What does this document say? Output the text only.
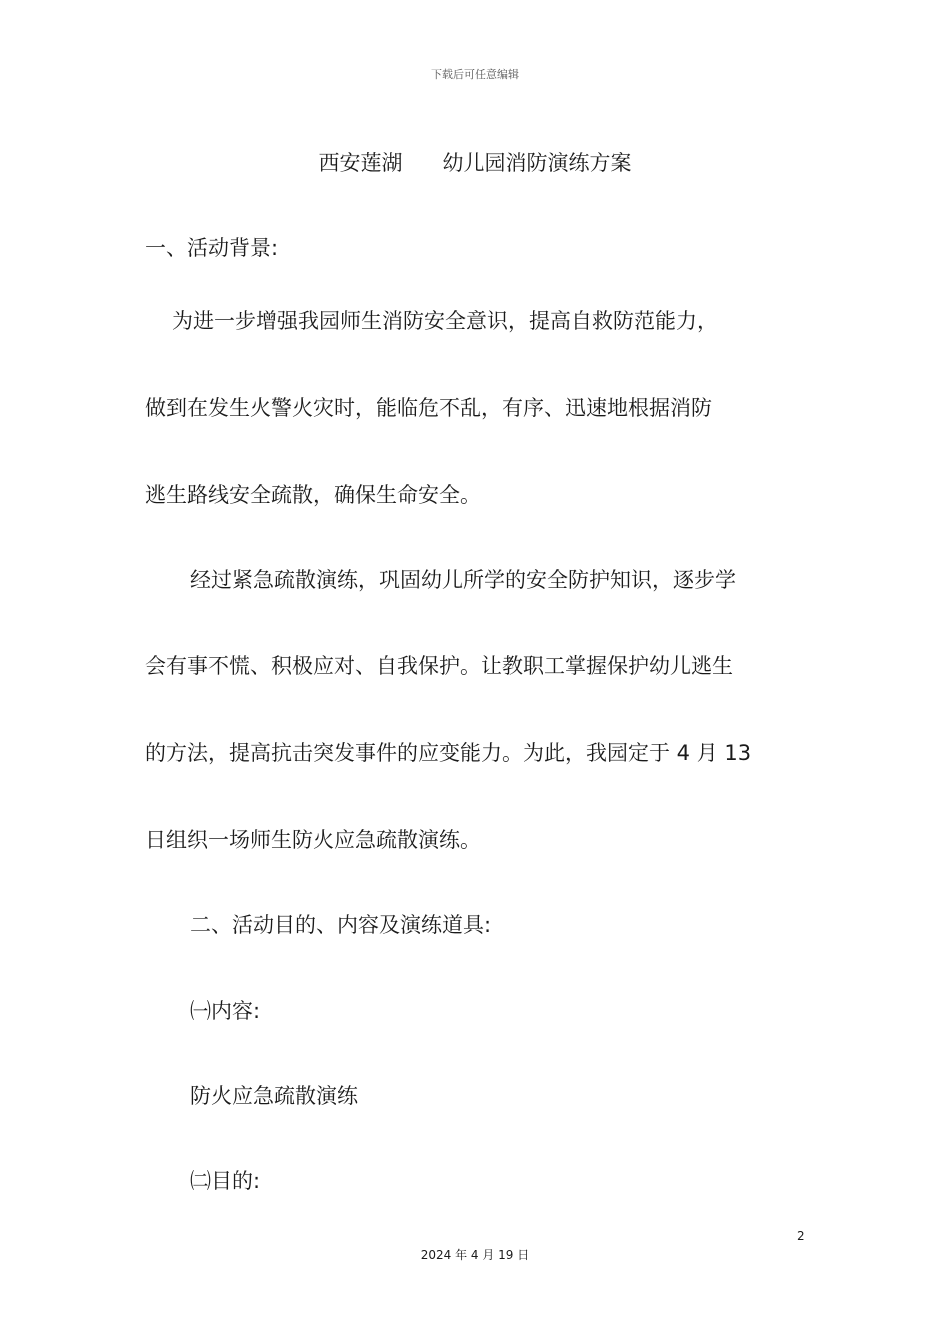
下载后可任意编辑
西安莲湖      幼儿园消防演练方案
一、活动背景:
为进一步增强我园师生消防安全意识，提高自救防范能力，
做到在发生火警火灾时，能临危不乱，有序、迅速地根据消防
逃生路线安全疏散，确保生命安全。
经过紧急疏散演练，巩固幼儿所学的安全防护知识，逐步学
会有事不慌、积极应对、自我保护。让教职工掌握保护幼儿逃生
的方法，提高抗击突发事件的应变能力。为此，我园定于 4 月 13
日组织一场师生防火应急疏散演练。
二、活动目的、内容及演练道具:
㈠内容:
防火应急疏散演练
㈡目的:
2
2024 年 4 月 19 日
